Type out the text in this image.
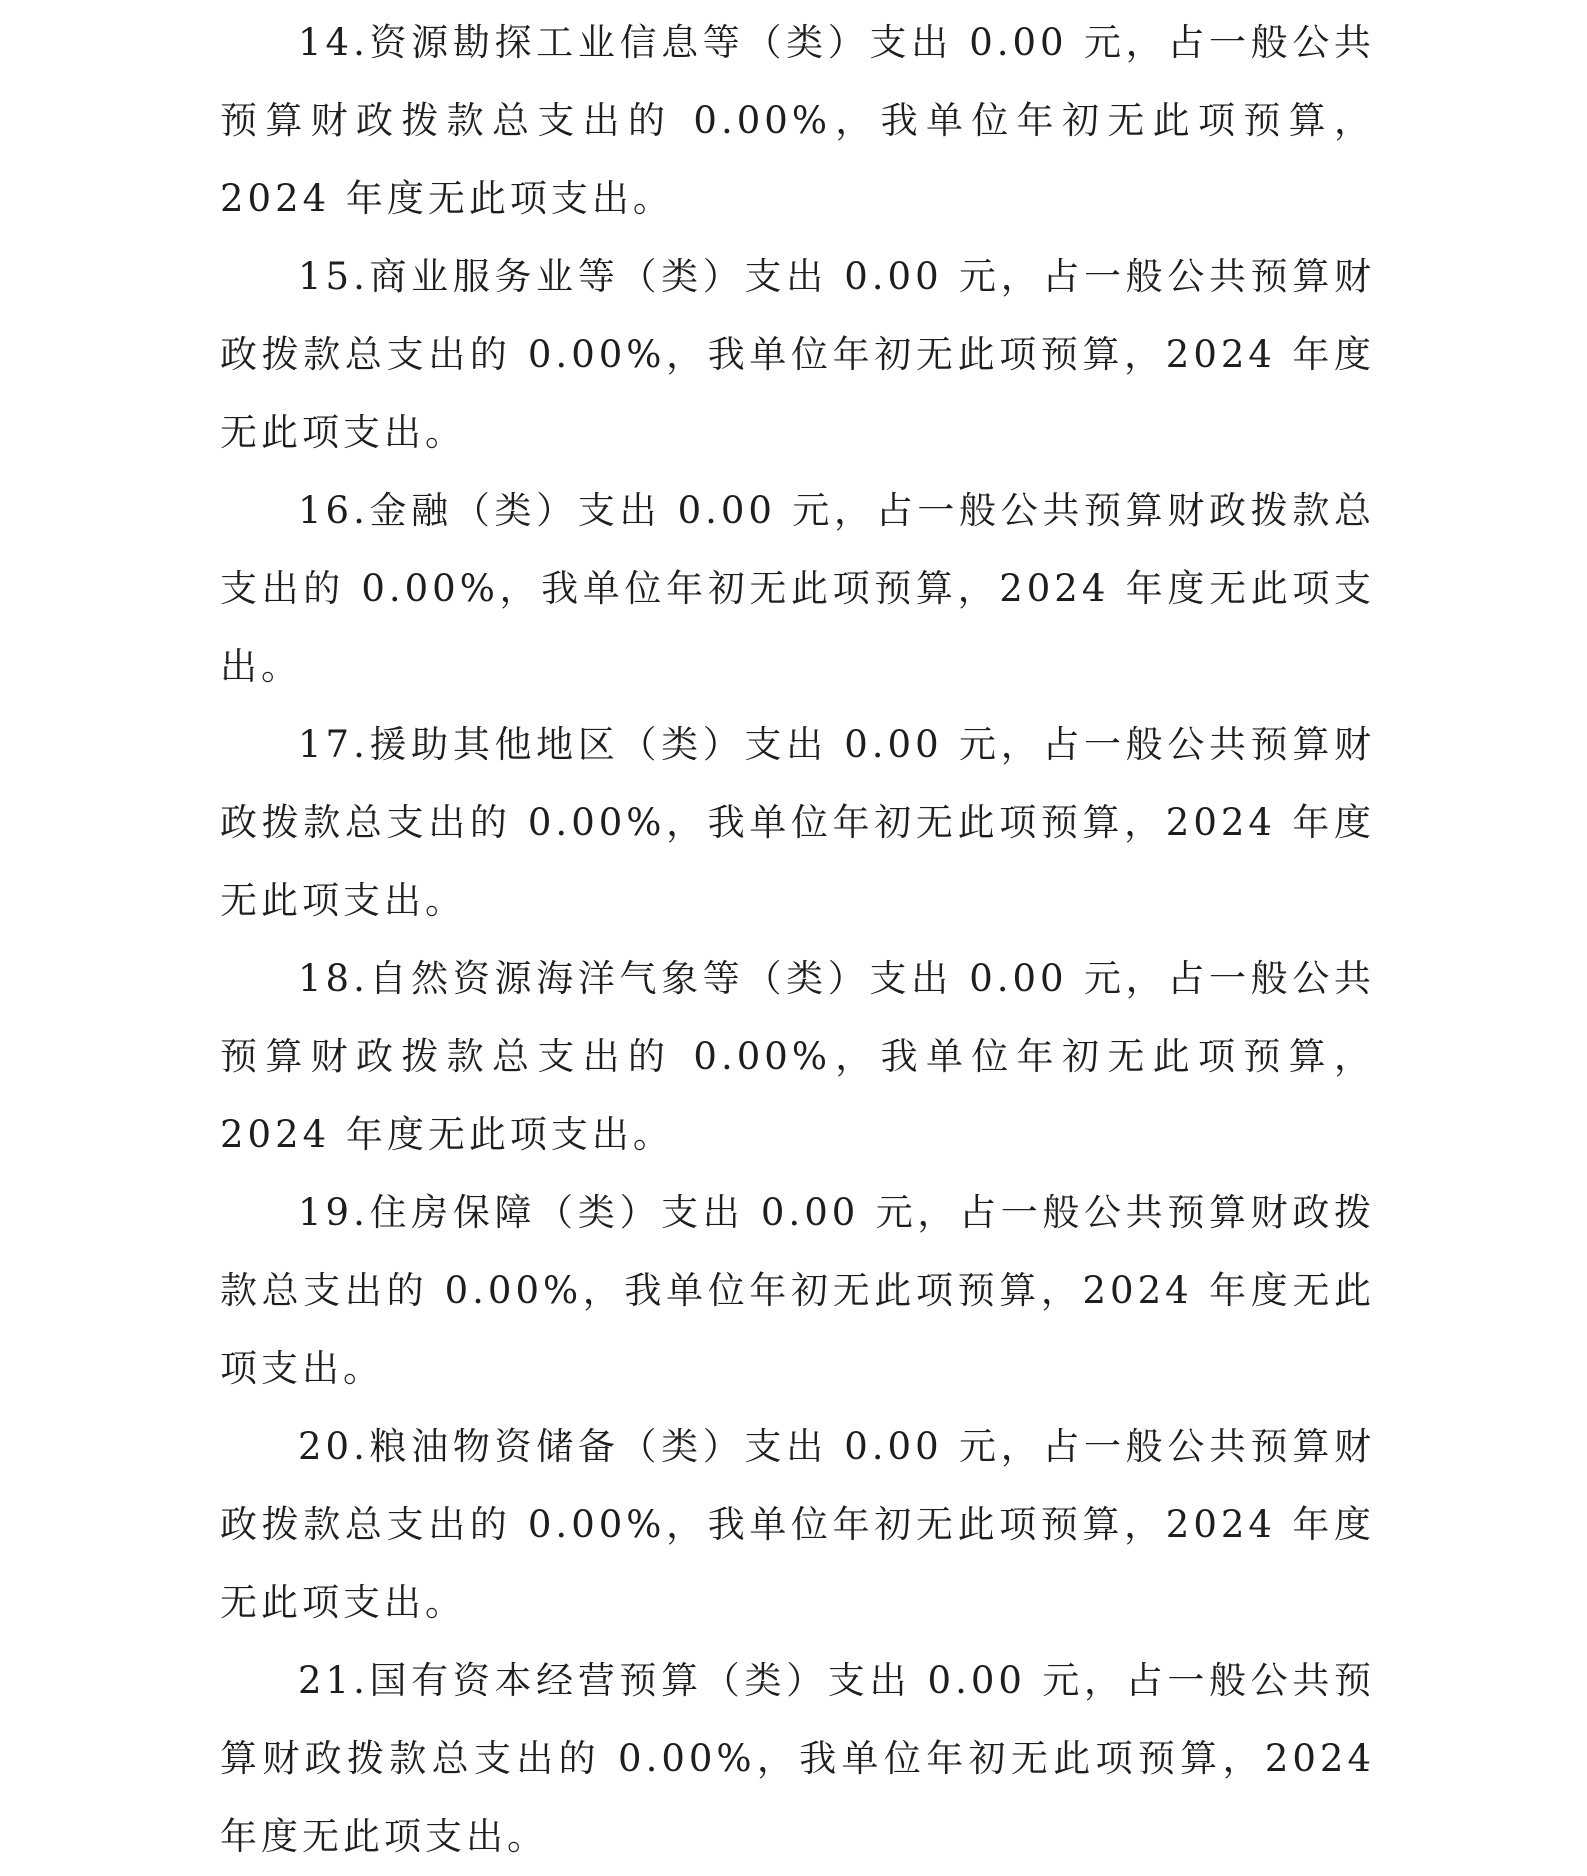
14.资源勘探工业信息等（类）支出 0.00 元，占一般公共预算财政拨款总支出的 0.00%，我单位年初无此项预算，2024 年度无此项支出。

15.商业服务业等（类）支出 0.00 元，占一般公共预算财政拨款总支出的 0.00%，我单位年初无此项预算，2024 年度无此项支出。

16.金融（类）支出 0.00 元，占一般公共预算财政拨款总支出的 0.00%，我单位年初无此项预算，2024 年度无此项支出。

17.援助其他地区（类）支出 0.00 元，占一般公共预算财政拨款总支出的 0.00%，我单位年初无此项预算，2024 年度无此项支出。

18.自然资源海洋气象等（类）支出 0.00 元，占一般公共预算财政拨款总支出的 0.00%，我单位年初无此项预算，2024 年度无此项支出。

19.住房保障（类）支出 0.00 元，占一般公共预算财政拨款总支出的 0.00%，我单位年初无此项预算，2024 年度无此项支出。

20.粮油物资储备（类）支出 0.00 元，占一般公共预算财政拨款总支出的 0.00%，我单位年初无此项预算，2024 年度无此项支出。

21.国有资本经营预算（类）支出 0.00 元，占一般公共预算财政拨款总支出的 0.00%，我单位年初无此项预算，2024 年度无此项支出。
